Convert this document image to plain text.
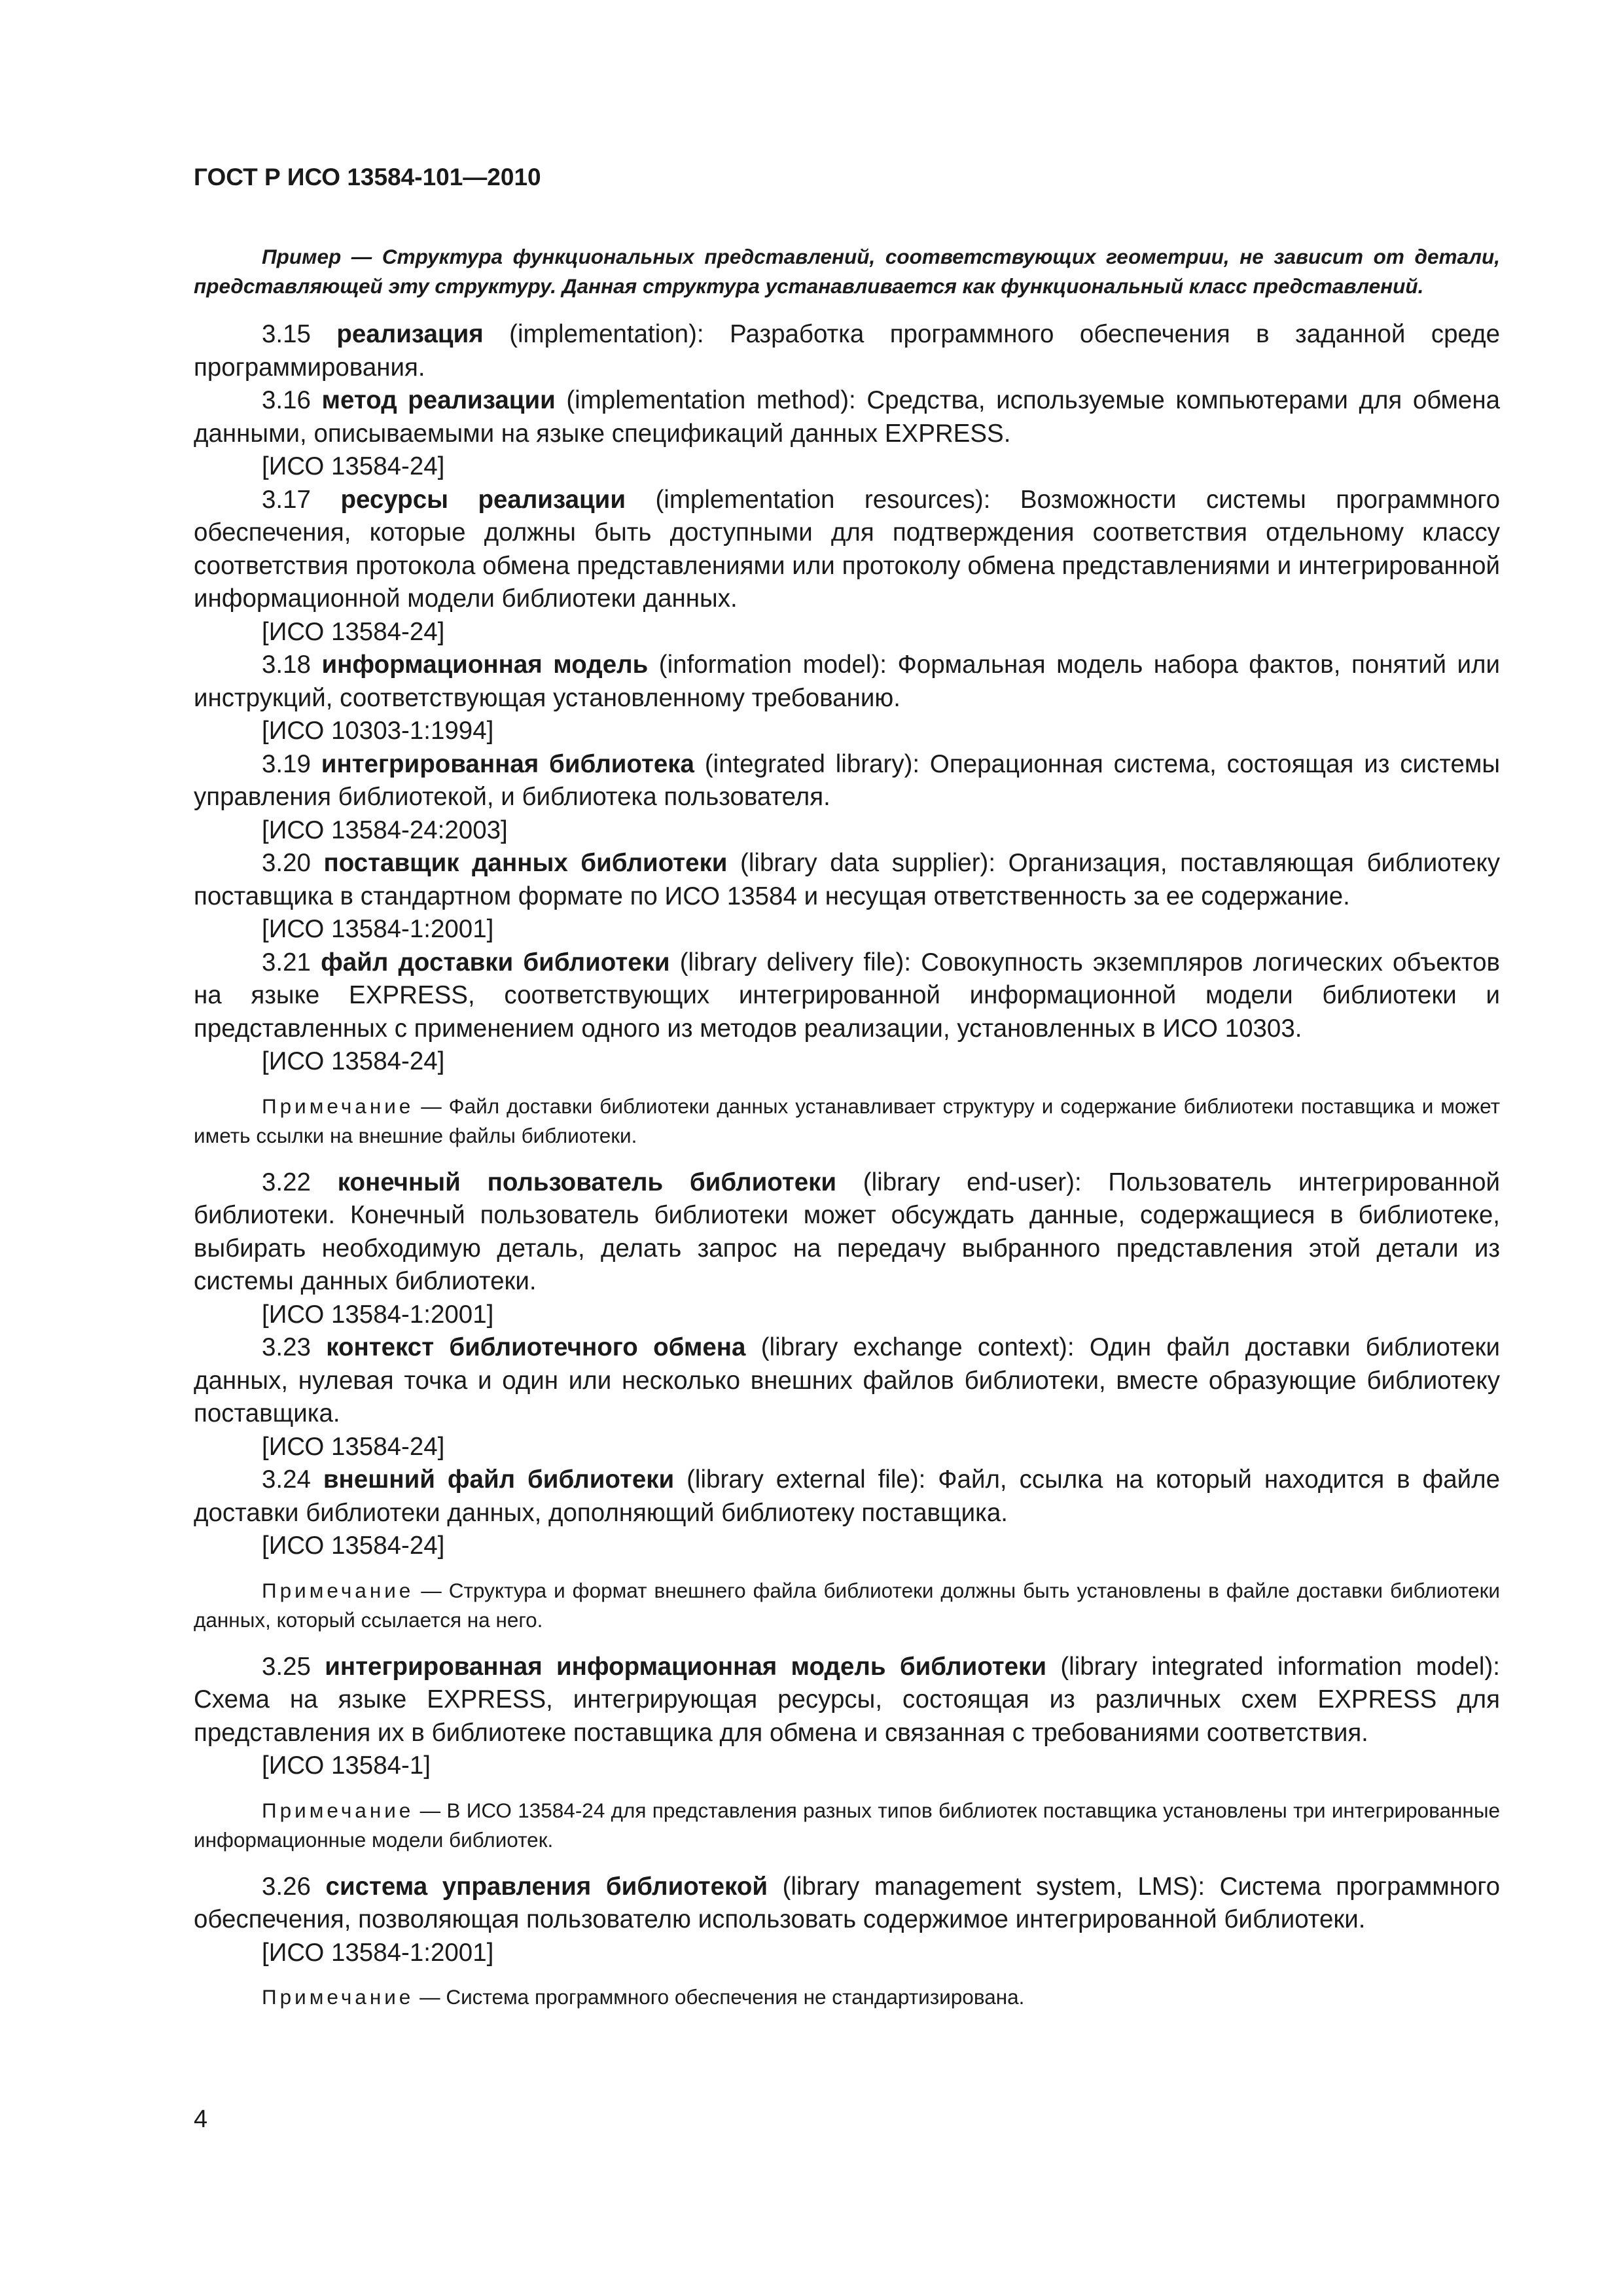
ГОСТ Р ИСО 13584-101—2010

Пример — Структура функциональных представлений, соответствующих геометрии, не зависит от детали, представляющей эту структуру. Данная структура устанавливается как функциональный класс представлений.

3.15 реализация (implementation): Разработка программного обеспечения в заданной среде программирования.

3.16 метод реализации (implementation method): Средства, используемые компьютерами для обмена данными, описываемыми на языке спецификаций данных EXPRESS.

[ИСО 13584-24]

3.17 ресурсы реализации (implementation resources): Возможности системы программного обеспечения, которые должны быть доступными для подтверждения соответствия отдельному классу соответствия протокола обмена представлениями или протоколу обмена представлениями и интегрированной информационной модели библиотеки данных.

[ИСО 13584-24]

3.18 информационная модель (information model): Формальная модель набора фактов, понятий или инструкций, соответствующая установленному требованию.

[ИСО 10303-1:1994]

3.19 интегрированная библиотека (integrated library): Операционная система, состоящая из системы управления библиотекой, и библиотека пользователя.

[ИСО 13584-24:2003]

3.20 поставщик данных библиотеки (library data supplier): Организация, поставляющая библиотеку поставщика в стандартном формате по ИСО 13584 и несущая ответственность за ее содержание.

[ИСО 13584-1:2001]

3.21 файл доставки библиотеки (library delivery file): Совокупность экземпляров логических объектов на языке EXPRESS, соответствующих интегрированной информационной модели библиотеки и представленных с применением одного из методов реализации, установленных в ИСО 10303.

[ИСО 13584-24]

Примечание — Файл доставки библиотеки данных устанавливает структуру и содержание библиотеки поставщика и может иметь ссылки на внешние файлы библиотеки.

3.22 конечный пользователь библиотеки (library end-user): Пользователь интегрированной библиотеки. Конечный пользователь библиотеки может обсуждать данные, содержащиеся в библиотеке, выбирать необходимую деталь, делать запрос на передачу выбранного представления этой детали из системы данных библиотеки.

[ИСО 13584-1:2001]

3.23 контекст библиотечного обмена (library exchange context): Один файл доставки библиотеки данных, нулевая точка и один или несколько внешних файлов библиотеки, вместе образующие библиотеку поставщика.

[ИСО 13584-24]

3.24 внешний файл библиотеки (library external file): Файл, ссылка на который находится в файле доставки библиотеки данных, дополняющий библиотеку поставщика.

[ИСО 13584-24]

Примечание — Структура и формат внешнего файла библиотеки должны быть установлены в файле доставки библиотеки данных, который ссылается на него.

3.25 интегрированная информационная модель библиотеки (library integrated information model): Схема на языке EXPRESS, интегрирующая ресурсы, состоящая из различных схем EXPRESS для представления их в библиотеке поставщика для обмена и связанная с требованиями соответствия.

[ИСО 13584-1]

Примечание — В ИСО 13584-24 для представления разных типов библиотек поставщика установлены три интегрированные информационные модели библиотек.

3.26 система управления библиотекой (library management system, LMS): Система программного обеспечения, позволяющая пользователю использовать содержимое интегрированной библиотеки.

[ИСО 13584-1:2001]

Примечание — Система программного обеспечения не стандартизирована.

4
